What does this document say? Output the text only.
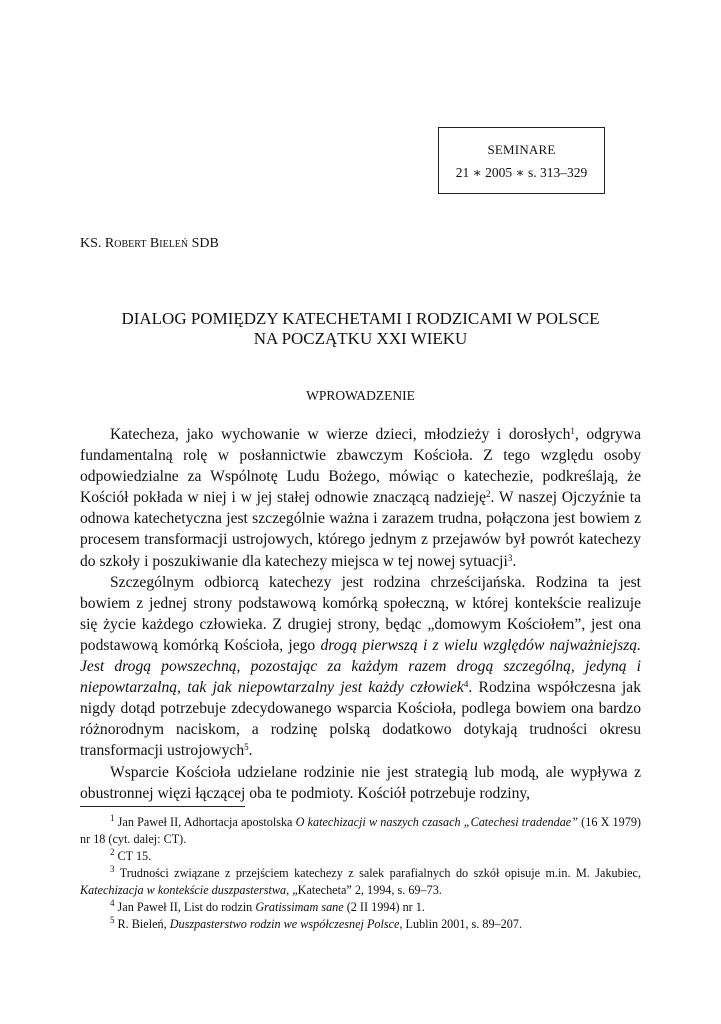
SEMINARE
21 ∗ 2005 ∗ s. 313–329
KS. Robert Bieleń SDB
DIALOG POMIĘDZY KATECHETAMI I RODZICAMI W POLSCE
NA POCZĄTKU XXI WIEKU
WPROWADZENIE

Katecheza, jako wychowanie w wierze dzieci, młodzieży i dorosłych$^1$, odgrywa fundamentalną rolę w posłannictwie zbawczym Kościoła. Z tego względu osoby odpowiedzialne za Wspólnotę Ludu Bożego, mówiąc o katechezie, podkreślają, że Kościół pokłada w niej i w jej stałej odnowie znaczącą nadzieję$^2$. W naszej Ojczyźnie ta odnowa katechetyczna jest szczególnie ważna i zarazem trudna, połączona jest bowiem z procesem transformacji ustrojowych, którego jednym z przejawów był powrót katechezy do szkoły i poszukiwanie dla katechezy miejsca w tej nowej sytuacji$^3$.

Szczególnym odbiorcą katechezy jest rodzina chrześcijańska. Rodzina ta jest bowiem z jednej strony podstawową komórką społeczną, w której kontekście realizuje się życie każdego człowieka. Z drugiej strony, będąc „domowym Kościołem”, jest ona podstawową komórką Kościoła, jego drogą pierwszą i z wielu względów najważniejszą. Jest drogą powszechną, pozostając za każdym razem drogą szczególną, jedyną i niepowtarzalną, tak jak niepowtarzalny jest każdy człowiek$^4$. Rodzina współczesna jak nigdy dotąd potrzebuje zdecydowanego wsparcia Kościoła, podlega bowiem ona bardzo różnorodnym naciskom, a rodzinę polską dodatkowo dotykają trudności okresu transformacji ustrojowych$^5$.

Wsparcie Kościoła udzielane rodzinie nie jest strategią lub modą, ale wypływa z obustronnej więzi łączącej oba te podmioty. Kościół potrzebuje rodziny,

$^1$ Jan Paweł II, Adhortacja apostolska O katechizacji w naszych czasach „Catechesi tradendae” (16 X 1979) nr 18 (cyt. dalej: CT).

$^2$ CT 15.

$^3$ Trudności związane z przejściem katechezy z salek parafialnych do szkół opisuje m.in. M. Jakubiec, Katechizacja w kontekście duszpasterstwa, „Katecheta” 2, 1994, s. 69–73.

$^4$ Jan Paweł II, List do rodzin Gratissimam sane (2 II 1994) nr 1.

$^5$ R. Bieleń, Duszpasterstwo rodzin we współczesnej Polsce, Lublin 2001, s. 89–207.
